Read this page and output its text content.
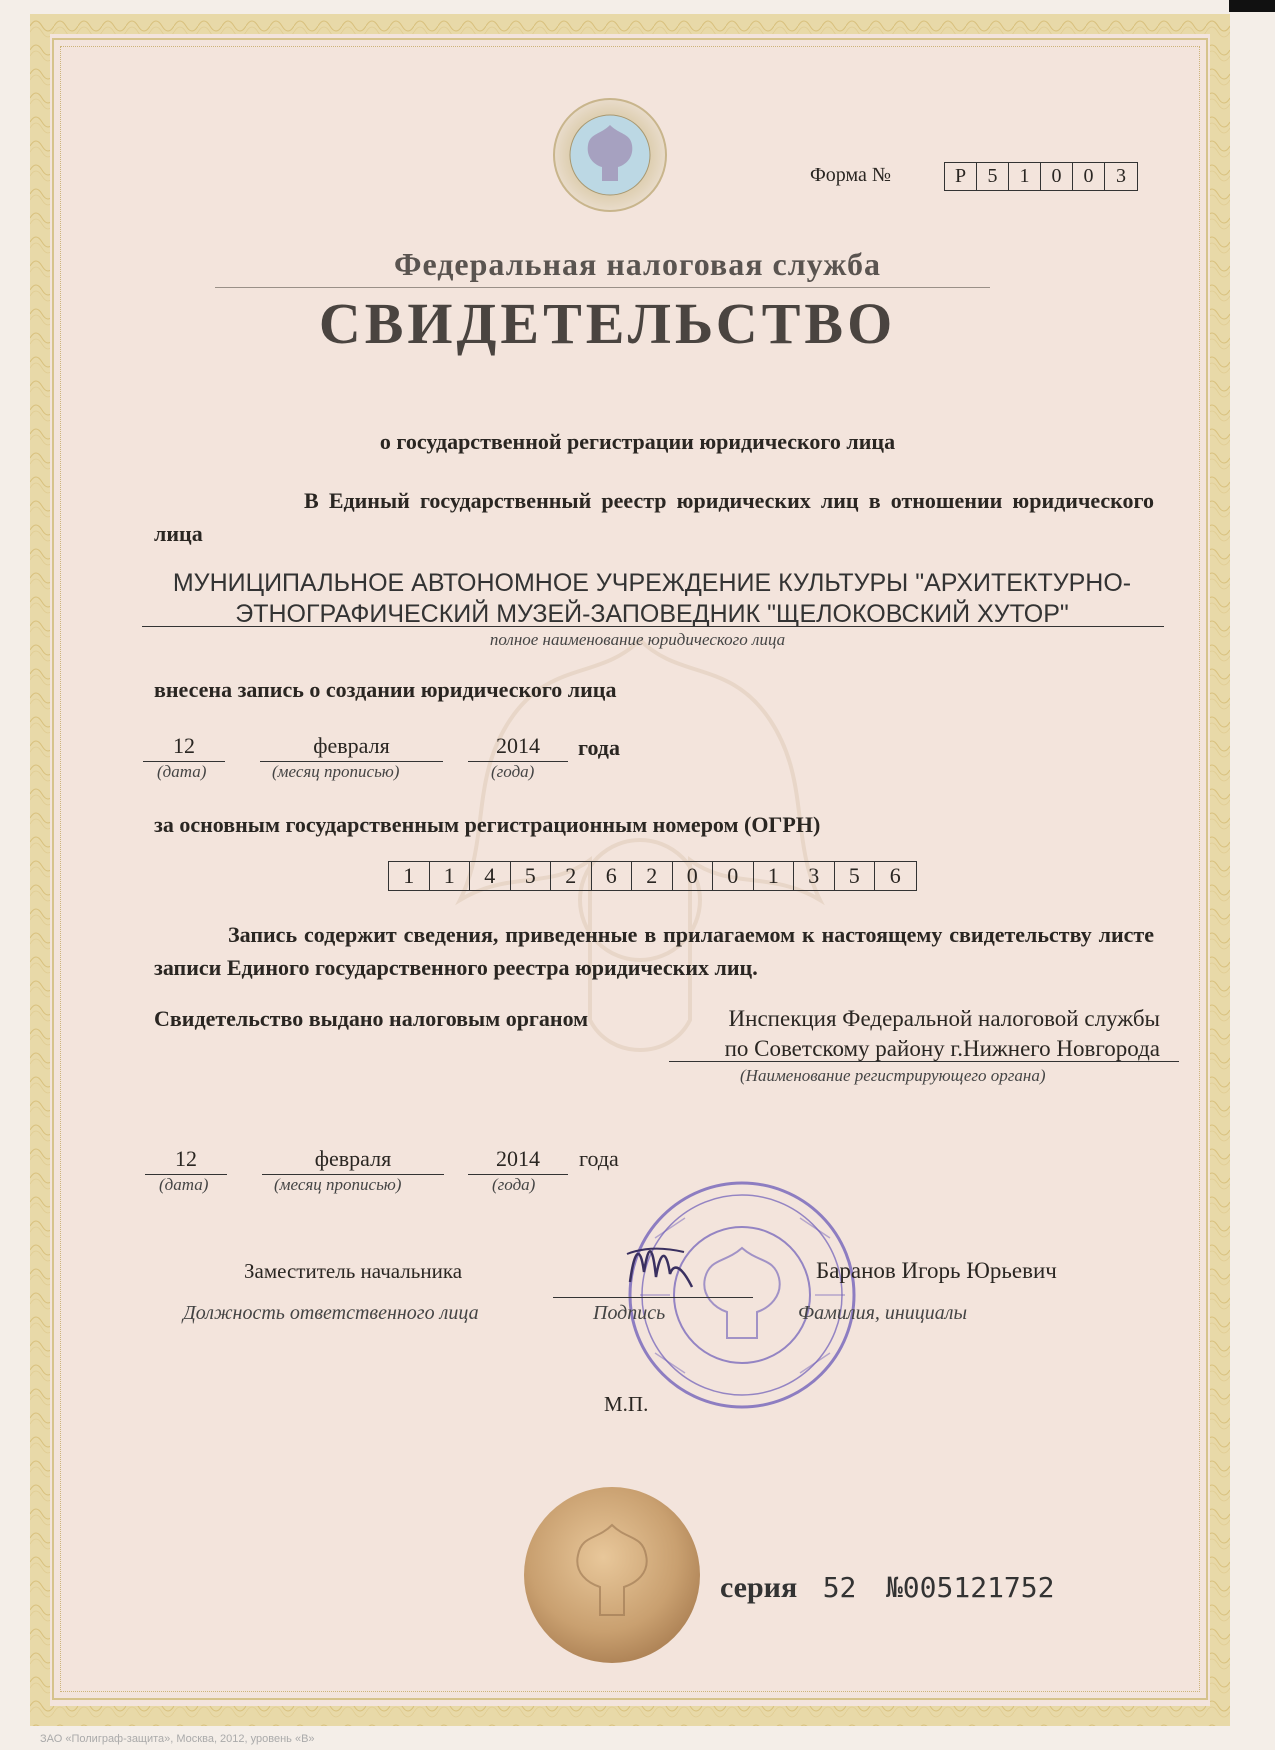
Форма №	Р	5	1	0	0	3
Федеральная налоговая служба
СВИДЕТЕЛЬСТВО
о государственной регистрации юридического лица
В Единый государственный реестр юридических лиц в отношении юридического лица
МУНИЦИПАЛЬНОЕ АВТОНОМНОЕ УЧРЕЖДЕНИЕ КУЛЬТУРЫ "АРХИТЕКТУРНО-ЭТНОГРАФИЧЕСКИЙ МУЗЕЙ-ЗАПОВЕДНИК "ЩЕЛОКОВСКИЙ ХУТОР"
полное наименование юридического лица
внесена запись о создании юридического лица
12	февраля	2014	года
(дата)	(месяц прописью)	(года)
за основным государственным регистрационным номером (ОГРН)
1	1	4	5	2	6	2	0	0	1	3	5	6
Запись содержит сведения, приведенные в прилагаемом к настоящему свидетельству листе записи Единого государственного реестра юридических лиц.
Свидетельство выдано налоговым органом	Инспекция Федеральной налоговой службы
по Советскому району г.Нижнего Новгорода
(Наименование регистрирующего органа)
12	февраля	2014	года
(дата)	(месяц прописью)	(года)
Заместитель начальника	Баранов Игорь Юрьевич
Должность ответственного лица	Подпись	Фамилия, инициалы
М.П.
серия 52 №005121752
ЗАО «Полиграф-защита», Москва, 2012, уровень «В»
